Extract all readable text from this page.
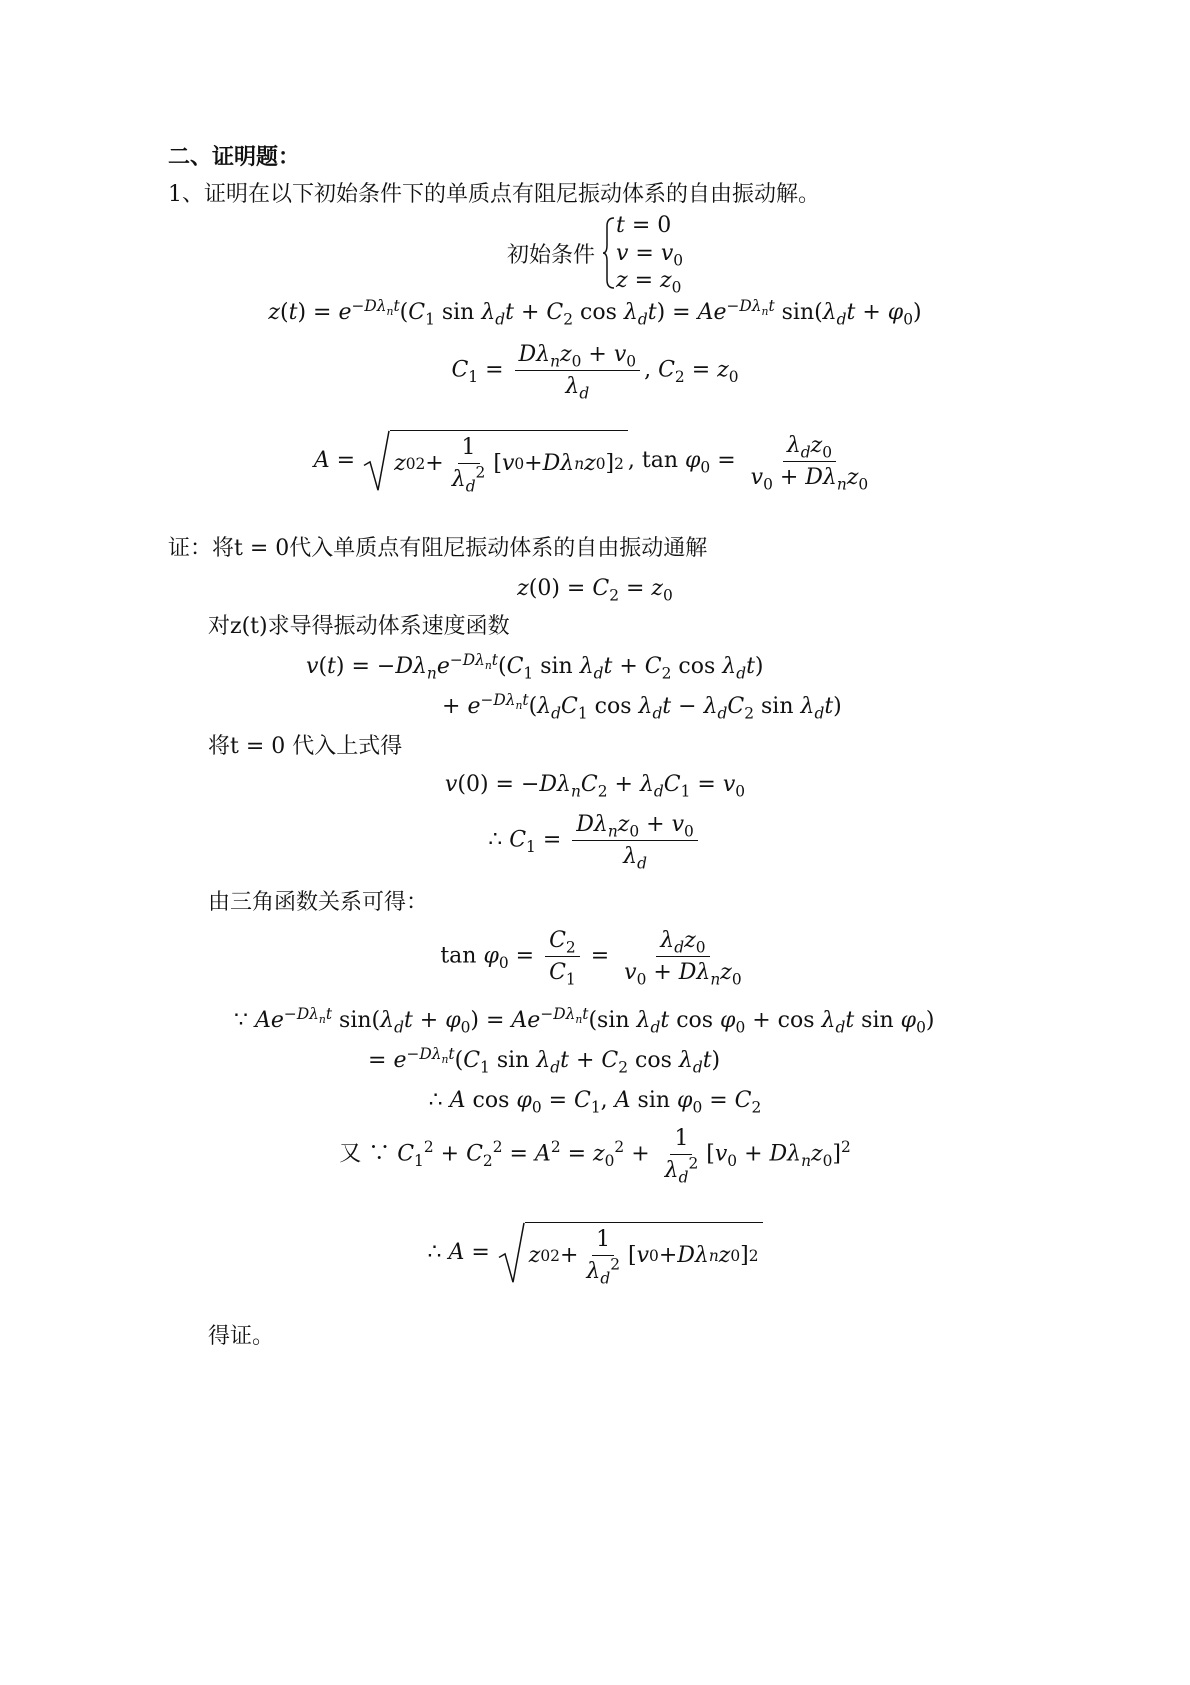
二、证明题：
1、证明在以下初始条件下的单质点有阻尼振动体系的自由振动解。
初始条件
t = 0
$v = v_0$
$z = z_0$
$z(t) = e^{-D\lambda_nt}(C_1$ $\sin \lambda_dt + C_2$ $\cos \lambda_dt) = Ae^{-D\lambda_nt}$ $\sin(\lambda_dt + \varphi_0)$
$C_1 = \frac{D\lambda_nz_0 + v_0}{\lambda_d}$ , $C_2 = z_0$
A = z 0 $2 + \frac{1}{\lambda_d^2}$ [ v 0 + Dλ n z 0 ] 2 , $\tan \varphi_0 = \frac{\lambda_dz_0}{v_0 + D\lambda_nz_0}$
证：将t = 0代入单质点有阻尼振动体系的自由振动通解
$z(0) = C_2 = z_0$
对z(t)求导得振动体系速度函数
$v(t) = -D\lambda_ne^{-D\lambda_nt}(C_1$ $\sin \lambda_dt + C_2$ $\cos \lambda_dt$)
+ $e^{-D\lambda_nt}(\lambda_dC_1$ $\cos \lambda_dt - \lambda_dC_2$ $\sin \lambda_dt$)
将t = 0 代入上式得
$v(0) = -D\lambda_nC_2 + \lambda_dC_1 = v_0$
∴ $C_1 = \frac{D\lambda_nz_0 + v_0}{\lambda_d}$
由三角函数关系可得：
$\tan \varphi_0 = \frac{C_2}{C_1} = \frac{\lambda_dz_0}{v_0 + D\lambda_nz_0}$
∵ $Ae^{-D\lambda_nt}$ $\sin(\lambda_dt + \varphi_0) = Ae^{-D\lambda_nt}(\sin$ $\lambda_dt$ $\cos \varphi_0 + \cos \lambda_dt$ $\sin \varphi_0$)
= $e^{-D\lambda_nt}(C_1$ $\sin \lambda_dt + C_2$ $\cos \lambda_dt$)
∴ A $\cos \varphi_0 = C_1$, A $\sin \varphi_0 = C_2$
又 ∵ $C_1^2 + C_2^2 = A^2 = z_0^2 + \frac{1}{\lambda_d^2} [v_0 + D\lambda_nz_0]^2$
∴ A = z 0 $2 + \frac{1}{\lambda_d^2}$ [ v 0 + Dλ n z 0 ] 2
得证。
